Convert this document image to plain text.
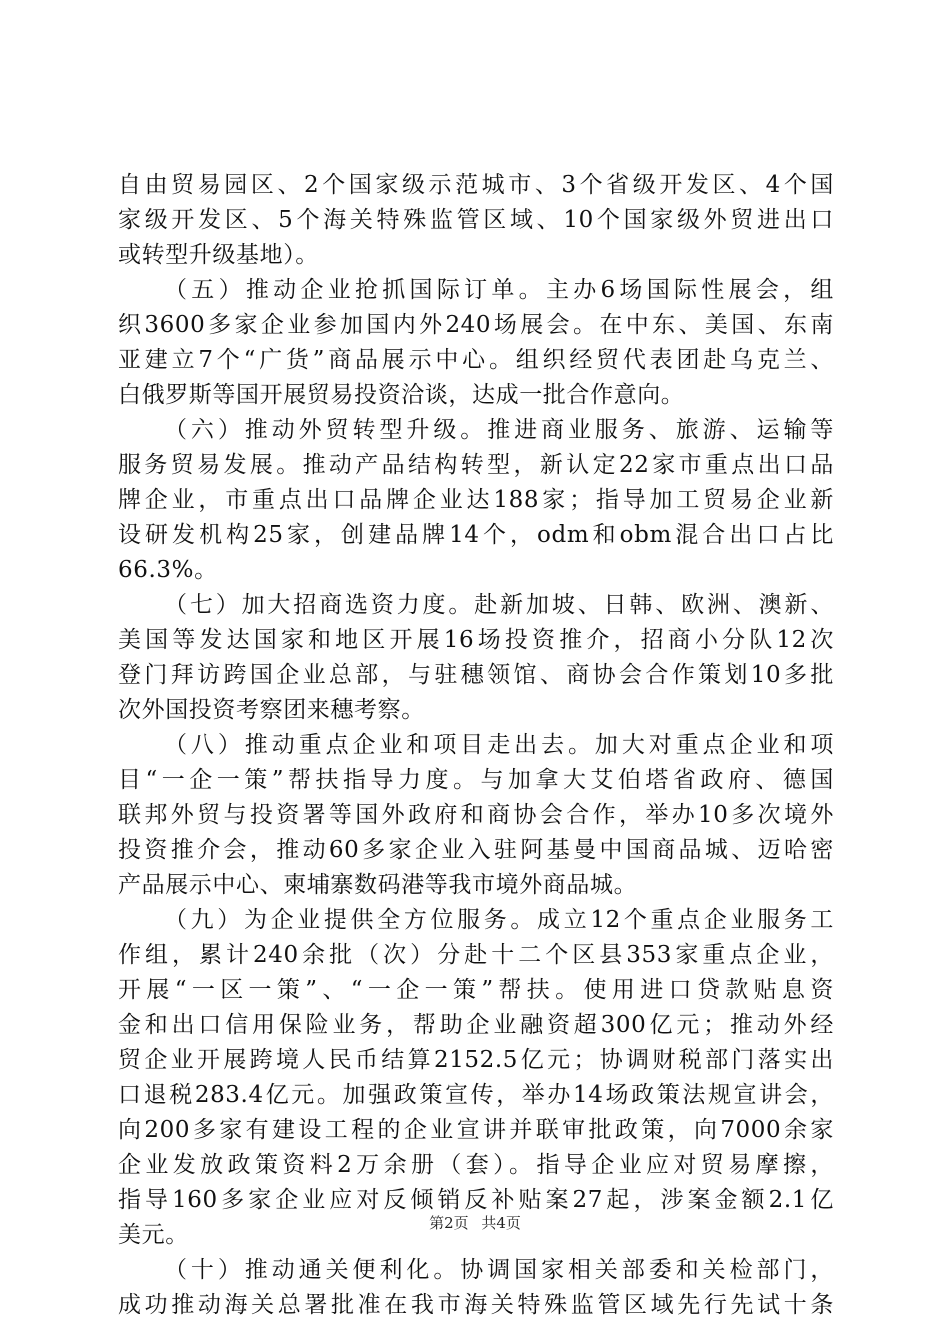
自由贸易园区、2个国家级示范城市、3个省级开发区、4个国
家级开发区、5个海关特殊监管区域、10个国家级外贸进出口
或转型升级基地）。
（五）推动企业抢抓国际订单。主办6场国际性展会，组
织3600多家企业参加国内外240场展会。在中东、美国、东南
亚建立7个“广货”商品展示中心。组织经贸代表团赴乌克兰、
白俄罗斯等国开展贸易投资洽谈，达成一批合作意向。
（六）推动外贸转型升级。推进商业服务、旅游、运输等
服务贸易发展。推动产品结构转型，新认定22家市重点出口品
牌企业，市重点出口品牌企业达188家；指导加工贸易企业新
设研发机构25家，创建品牌14个，odm和obm混合出口占比
66.3%。
（七）加大招商选资力度。赴新加坡、日韩、欧洲、澳新、
美国等发达国家和地区开展16场投资推介，招商小分队12次
登门拜访跨国企业总部，与驻穗领馆、商协会合作策划10多批
次外国投资考察团来穗考察。
（八）推动重点企业和项目走出去。加大对重点企业和项
目“一企一策”帮扶指导力度。与加拿大艾伯塔省政府、德国
联邦外贸与投资署等国外政府和商协会合作，举办10多次境外
投资推介会，推动60多家企业入驻阿基曼中国商品城、迈哈密
产品展示中心、柬埔寨数码港等我市境外商品城。
（九）为企业提供全方位服务。成立12个重点企业服务工
作组，累计240余批（次）分赴十二个区县353家重点企业，
开展“一区一策”、“一企一策”帮扶。使用进口贷款贴息资
金和出口信用保险业务，帮助企业融资超300亿元；推动外经
贸企业开展跨境人民币结算2152.5亿元；协调财税部门落实出
口退税283.4亿元。加强政策宣传，举办14场政策法规宣讲会，
向200多家有建设工程的企业宣讲并联审批政策，向7000余家
企业发放政策资料2万余册（套）。指导企业应对贸易摩擦，
指导160多家企业应对反倾销反补贴案27起，涉案金额2.1亿
美元。
（十）推动通关便利化。协调国家相关部委和关检部门，
成功推动海关总署批准在我市海关特殊监管区域先行先试十条
第2页 共4页
